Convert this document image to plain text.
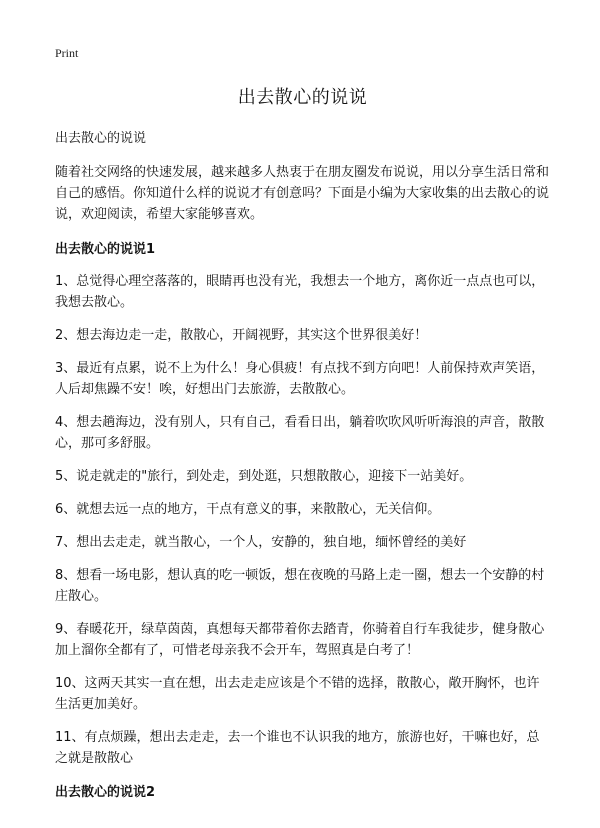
Print
出去散心的说说

出去散心的说说

随着社交网络的快速发展，越来越多人热衷于在朋友圈发布说说，用以分享生活日常和自己的感悟。你知道什么样的说说才有创意吗？下面是小编为大家收集的出去散心的说说，欢迎阅读，希望大家能够喜欢。

出去散心的说说1
1、总觉得心理空落落的，眼睛再也没有光，我想去一个地方，离你近一点点也可以，我想去散心。
2、想去海边走一走，散散心，开阔视野，其实这个世界很美好！
3、最近有点累，说不上为什么！身心俱疲！有点找不到方向吧！人前保持欢声笑语，人后却焦躁不安！唉，好想出门去旅游，去散散心。
4、想去趟海边，没有别人，只有自己，看看日出，躺着吹吹风听听海浪的声音，散散心，那可多舒服。
5、说走就走的"旅行，到处走，到处逛，只想散散心，迎接下一站美好。
6、就想去远一点的地方，干点有意义的事，来散散心，无关信仰。
7、想出去走走，就当散心，一个人，安静的，独自地，缅怀曾经的美好
8、想看一场电影，想认真的吃一顿饭，想在夜晚的马路上走一圈，想去一个安静的村庄散心。
9、春暖花开，绿草茵茵，真想每天都带着你去踏青，你骑着自行车我徒步，健身散心加上溜你全都有了，可惜老母亲我不会开车，驾照真是白考了！
10、这两天其实一直在想，出去走走应该是个不错的选择，散散心，敞开胸怀，也许生活更加美好。
11、有点烦躁，想出去走走，去一个谁也不认识我的地方，旅游也好，干嘛也好，总之就是散散心
出去散心的说说2
